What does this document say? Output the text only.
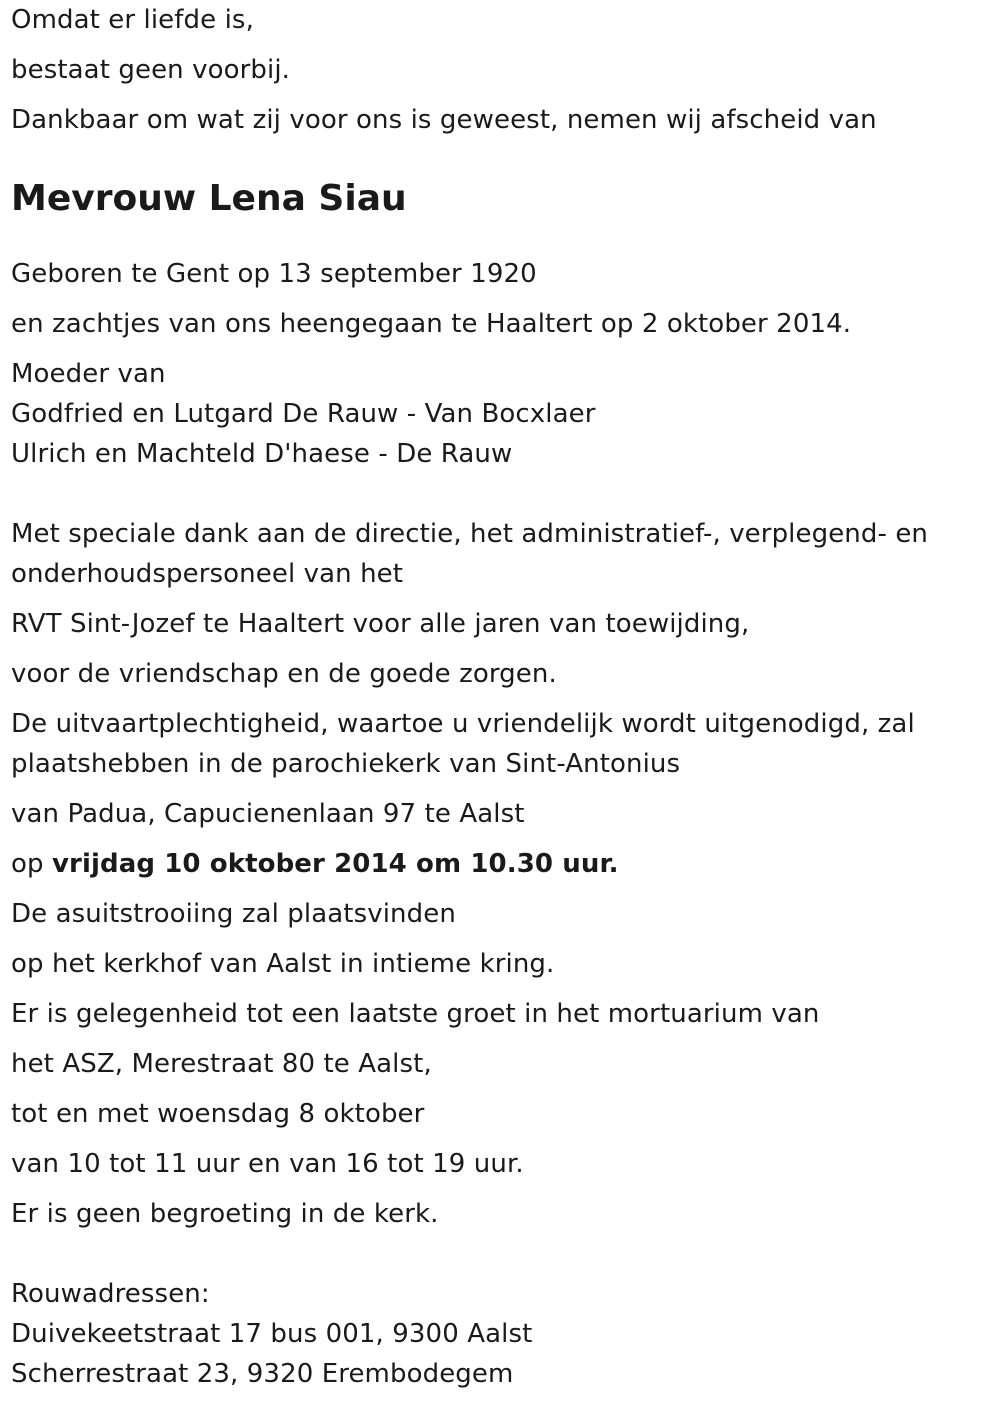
Omdat er liefde is,
bestaat geen voorbij.
Dankbaar om wat zij voor ons is geweest, nemen wij afscheid van
Mevrouw Lena Siau
Geboren te Gent op 13 september 1920
en zachtjes van ons heengegaan te Haaltert op 2 oktober 2014.
Moeder van
Godfried en Lutgard De Rauw - Van Bocxlaer
Ulrich en Machteld D'haese - De Rauw
Met speciale dank aan de directie, het administratief-, verplegend- en onderhoudspersoneel van het
RVT Sint-Jozef te Haaltert voor alle jaren van toewijding,
voor de vriendschap en de goede zorgen.
De uitvaartplechtigheid, waartoe u vriendelijk wordt uitgenodigd, zal plaatshebben in de parochiekerk van Sint-Antonius
van Padua, Capucienenlaan 97 te Aalst
op vrijdag 10 oktober 2014 om 10.30 uur.
De asuitstrooiing zal plaatsvinden
op het kerkhof van Aalst in intieme kring.
Er is gelegenheid tot een laatste groet in het mortuarium van
het ASZ, Merestraat 80 te Aalst,
tot en met woensdag 8 oktober
van 10 tot 11 uur en van 16 tot 19 uur.
Er is geen begroeting in de kerk.
Rouwadressen:
Duivekeetstraat 17 bus 001, 9300 Aalst
Scherrestraat 23, 9320 Erembodegem
